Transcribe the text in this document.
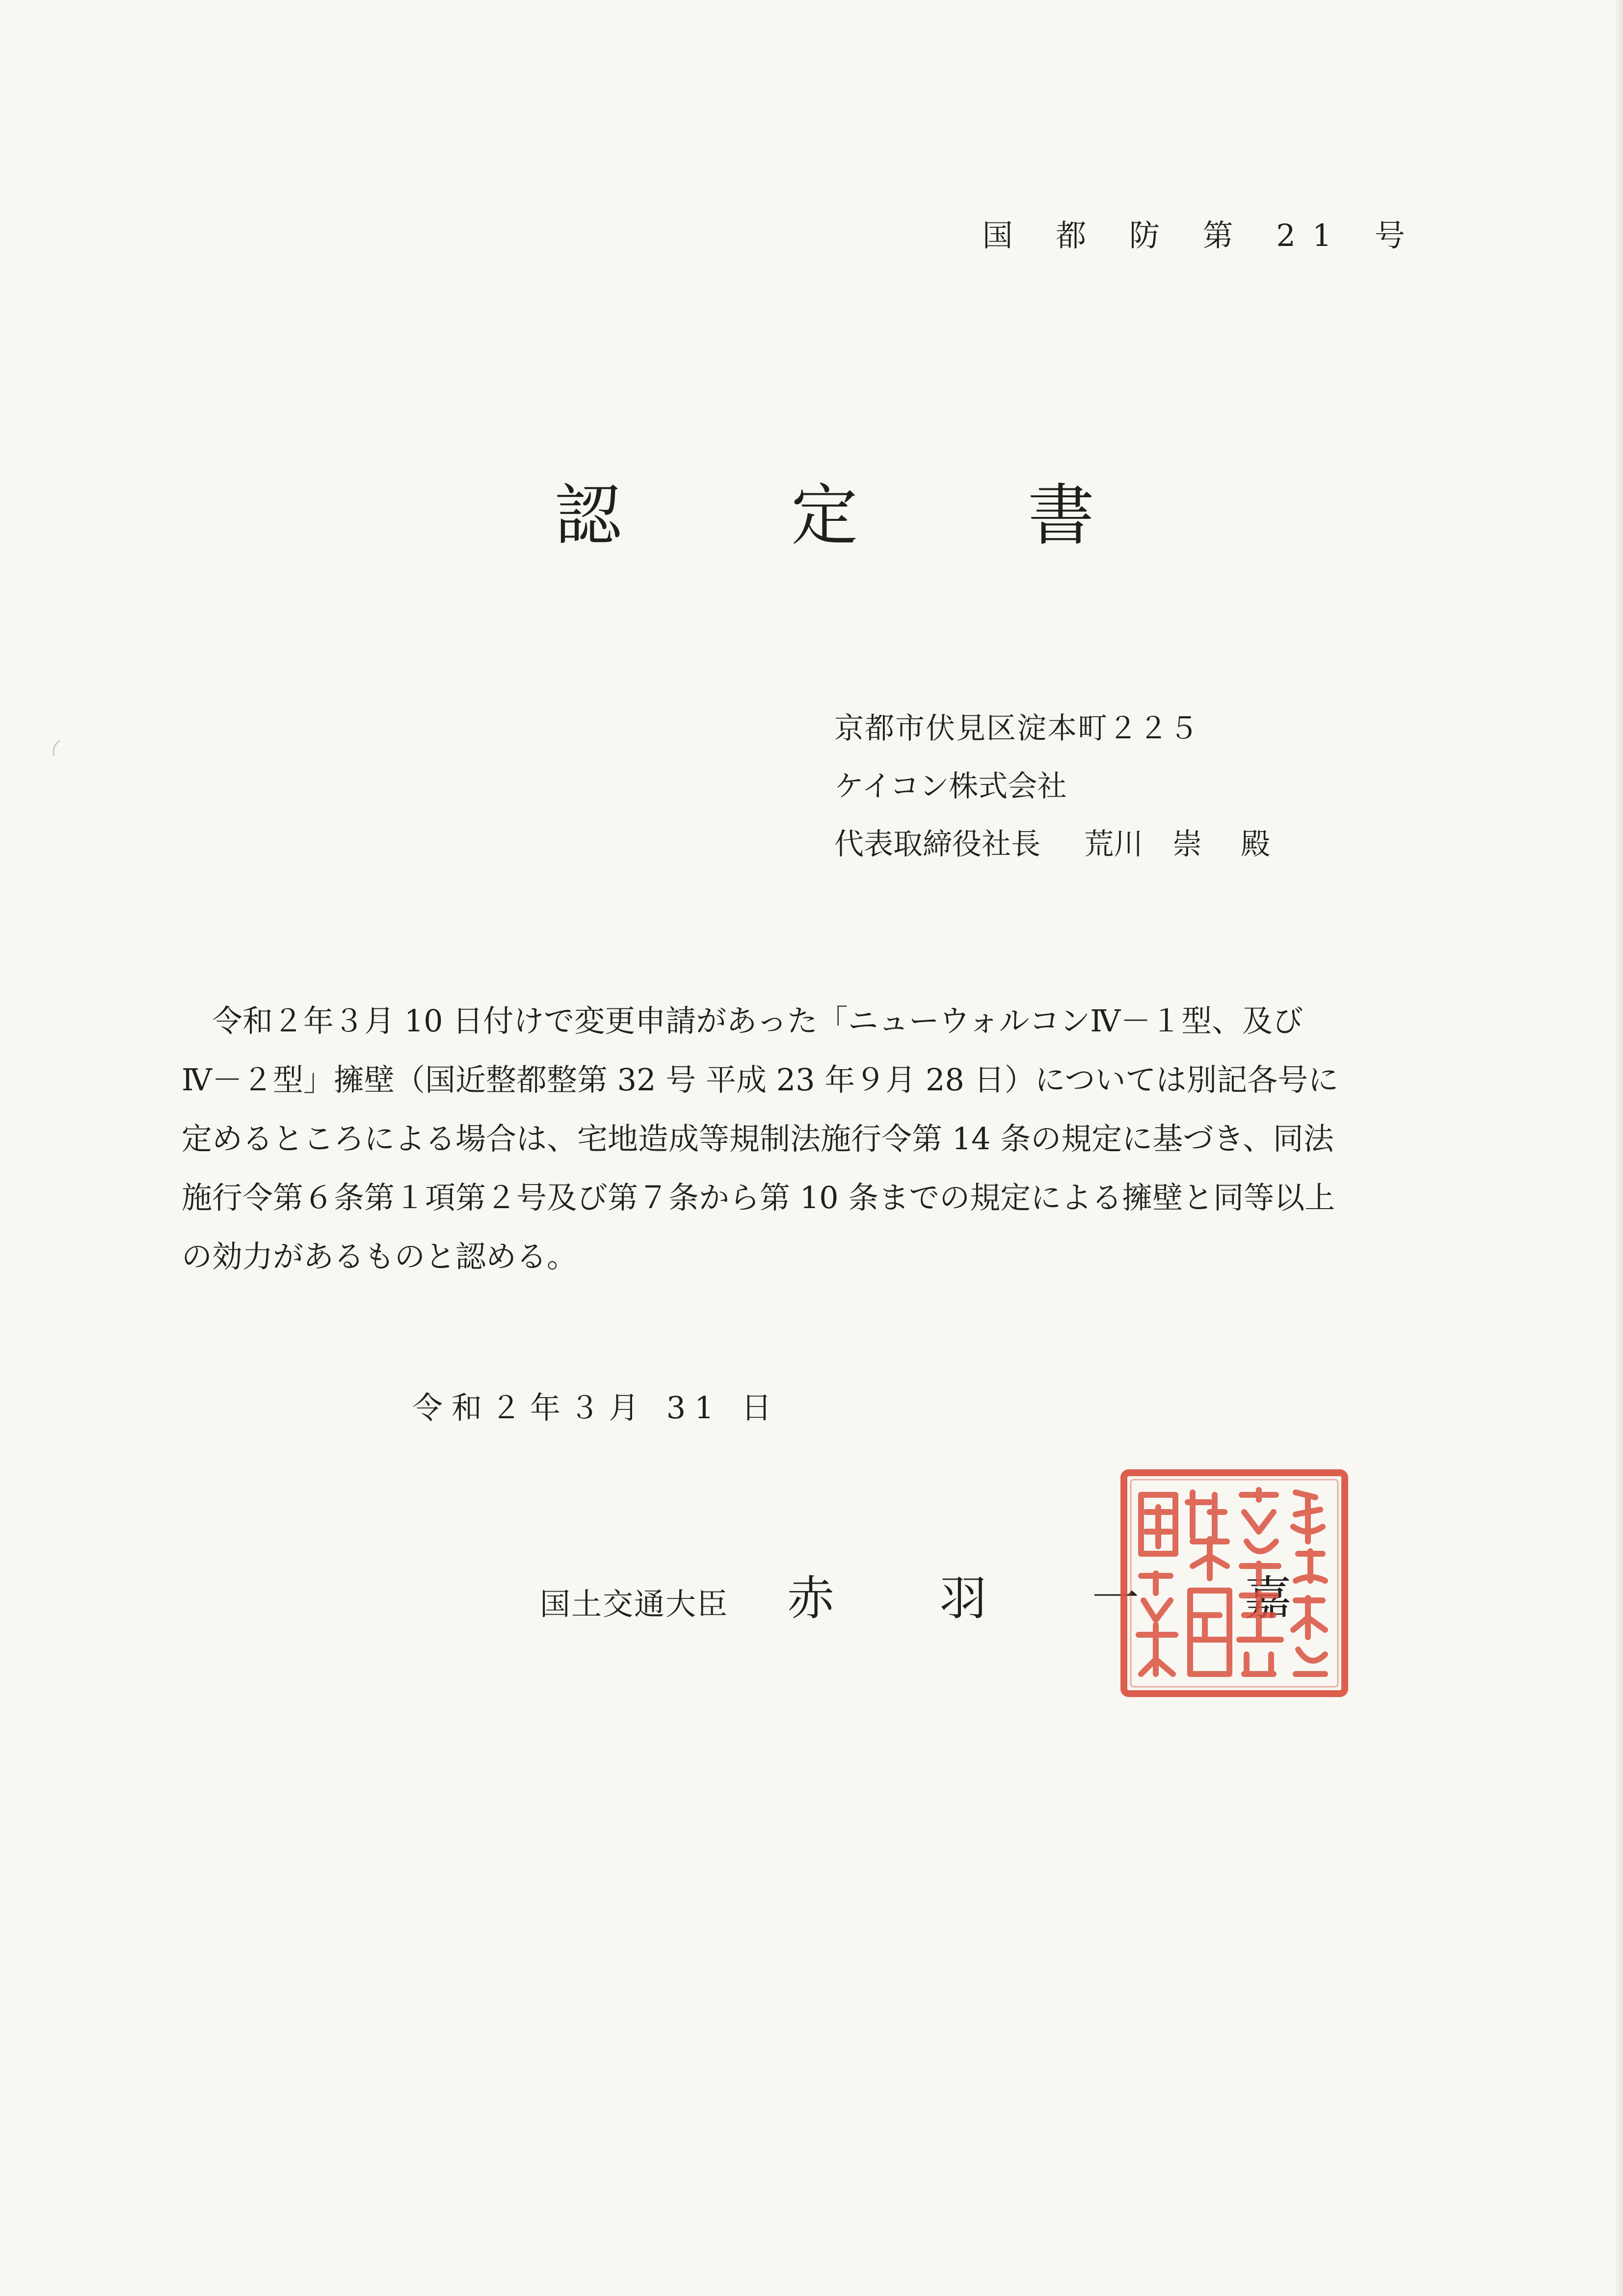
国 都 防 第 21 号
認	定	書
京都市伏見区淀本町２２５
ケイコン株式会社
代表取締役社長 荒川　崇 殿
令和２年３月 10 日付けで変更申請があった「ニューウォルコンⅣ－１型、及び
Ⅳ－２型」擁壁（国近整都整第 32 号 平成 23 年９月 28 日）については別記各号に
定めるところによる場合は、宅地造成等規制法施行令第 14 条の規定に基づき、同法
施行令第６条第１項第２号及び第７条から第 10 条までの規定による擁壁と同等以上
の効力があるものと認める。
令和２年３月 31 日
国土交通大臣 赤 羽 一 嘉
